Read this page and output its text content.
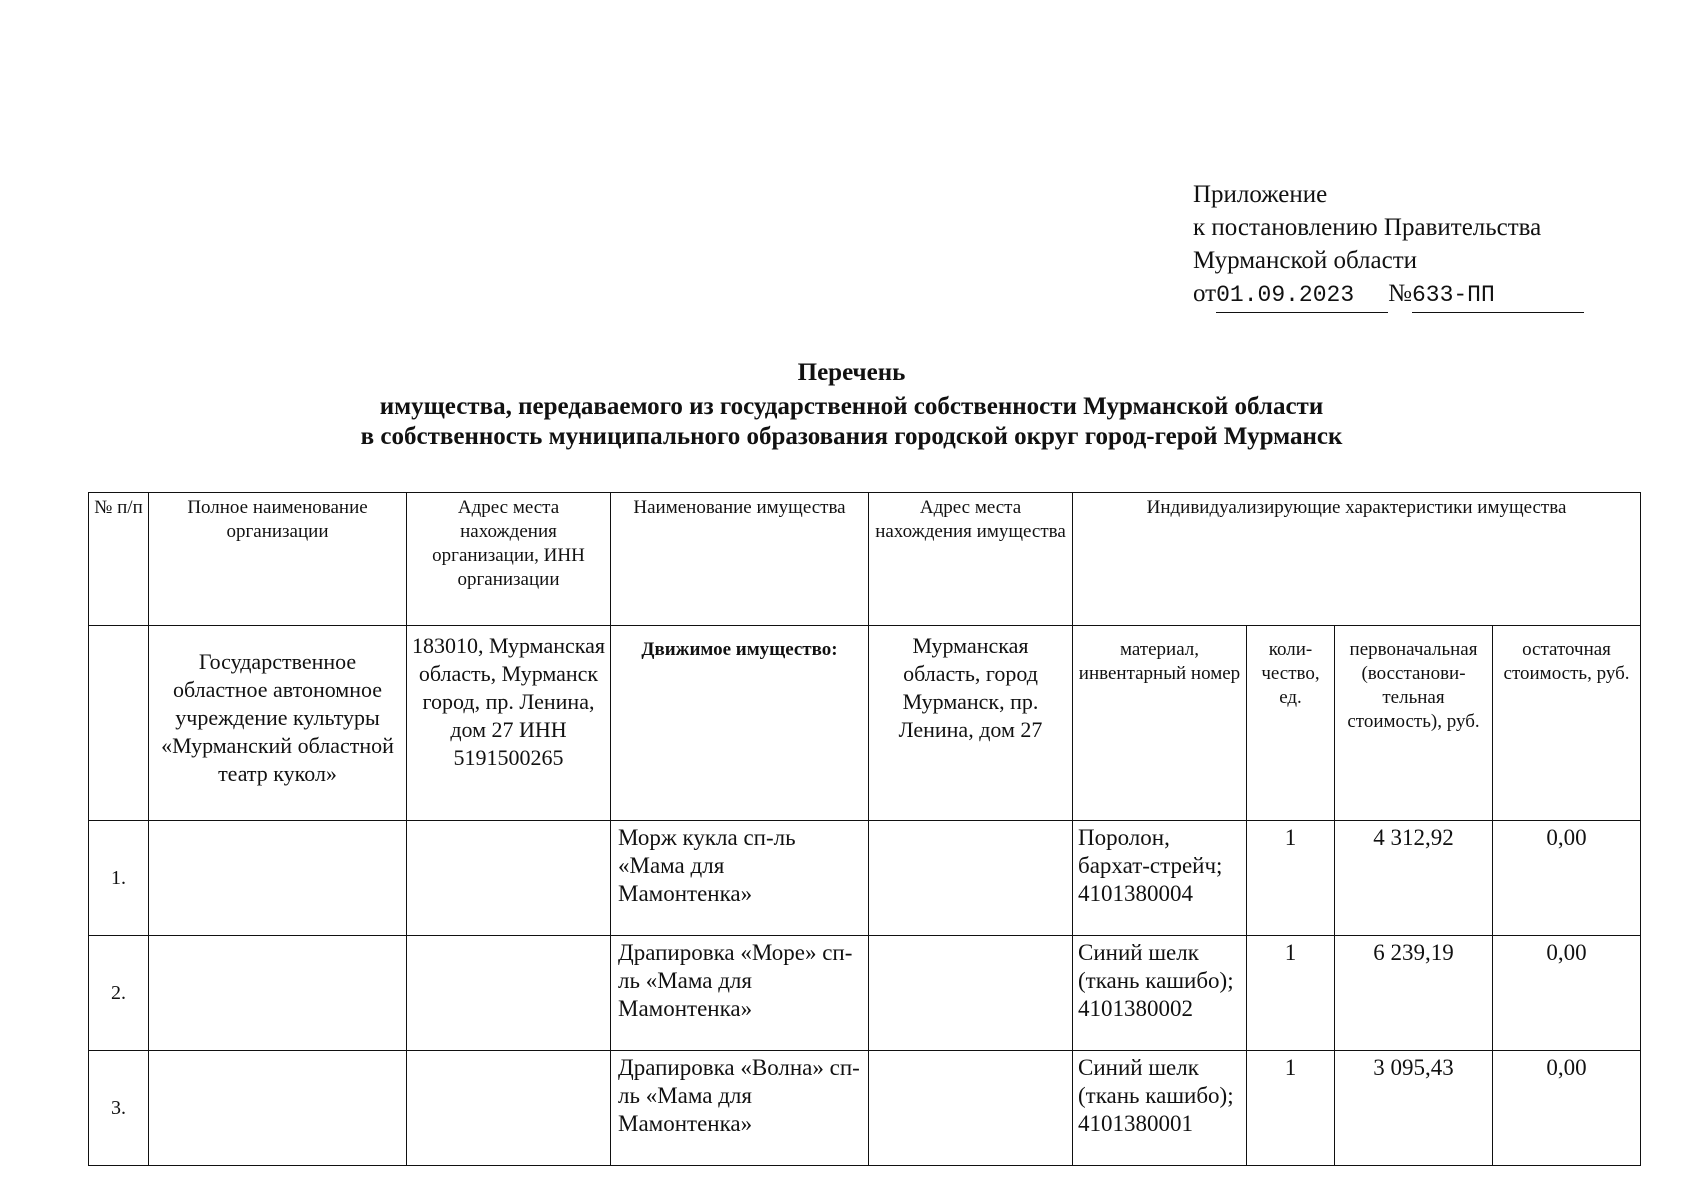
Приложение
к постановлению Правительства
Мурманской области
от01.09.2023 №633-ПП
Перечень
имущества, передаваемого из государственной собственности Мурманской области
в собственность муниципального образования городской округ город-герой Мурманск
№ п/п	Полное наименование организации	Адрес места нахождения организации, ИНН организации	Наименование имущества	Адрес места нахождения имущества	Индивидуализирующие характеристики имущества			
	Государственное областное автономное учреждение культуры «Мурманский областной театр кукол»	183010, Мурманская область, Мурманск город, пр. Ленина, дом 27 ИНН 5191500265	Движимое имущество:	Мурманская область, город Мурманск, пр. Ленина, дом 27	материал, инвентарный номер	коли-чество, ед.	первоначальная (восстанови-тельная стоимость), руб.	остаточная стоимость, руб.
1.			Морж кукла сп-ль «Мама для Мамонтенка»		Поролон, бархат-стрейч; 4101380004	1	4 312,92	0,00
2.			Драпировка «Море» сп-ль «Мама для Мамонтенка»		Синий шелк (ткань кашибо); 4101380002	1	6 239,19	0,00
3.			Драпировка «Волна» сп-ль «Мама для Мамонтенка»		Синий шелк (ткань кашибо); 4101380001	1	3 095,43	0,00
